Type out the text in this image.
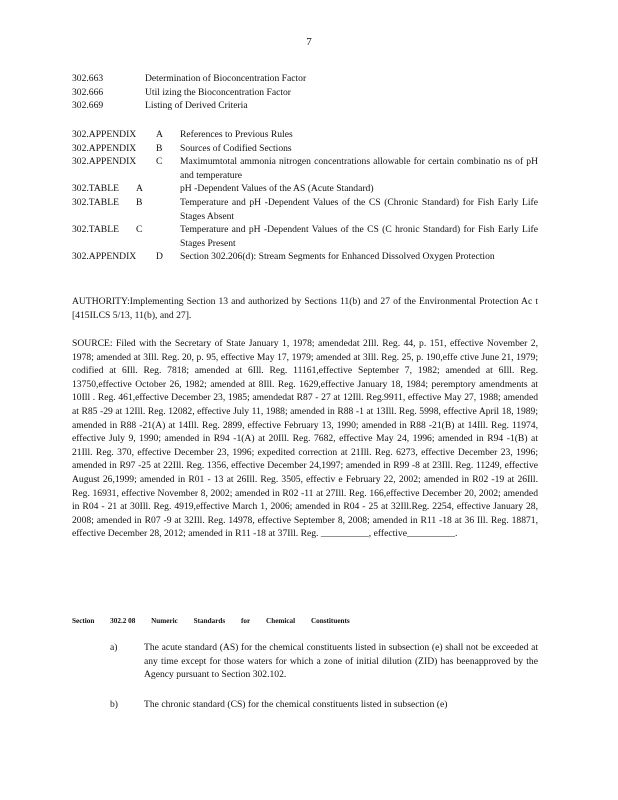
7
302.663	Determination of Bioconcentration Factor
302.666	Util izing the Bioconcentration Factor
302.669	Listing of Derived Criteria
302.APPENDIX A References to Previous Rules
302.APPENDIX B Sources of Codified Sections
302.APPENDIX C Maximumtotal ammonia nitrogen concentrations allowable for certain combinatio ns of pH and temperature
302.TABLE A	pH -Dependent Values of the AS (Acute Standard)
302.TABLE B	Temperature and pH -Dependent Values of the CS (Chronic Standard) for Fish Early Life Stages Absent
302.TABLE C	Temperature and pH -Dependent Values of the CS (C hronic Standard) for Fish Early Life Stages Present
302.APPENDIX D Section 302.206(d): Stream Segments for Enhanced Dissolved Oxygen Protection
AUTHORITY:Implementing Section 13 and authorized by Sections 11(b) and 27 of the Environmental Protection Ac t [415ILCS 5/13, 11(b), and 27].
SOURCE: Filed with the Secretary of State January 1, 1978; amendedat 2Ill. Reg. 44, p. 151, effective November 2, 1978; amended at 3Ill. Reg. 20, p. 95, effective May 17, 1979; amended at 3Ill. Reg. 25, p. 190,effe ctive June 21, 1979; codified at 6Ill. Reg. 7818; amended at 6Ill. Reg. 11161,effective September 7, 1982; amended at 6Ill. Reg. 13750,effective October 26, 1982; amended at 8Ill. Reg. 1629,effective January 18, 1984; peremptory amendments at 10Ill . Reg. 461,effective December 23, 1985; amendedat R87 - 27 at 12Ill. Reg.9911, effective May 27, 1988; amended at R85 -29 at 12Ill. Reg. 12082, effective July 11, 1988; amended in R88 -1 at 13Ill. Reg. 5998, effective April 18, 1989; amended in R88 -21(A) at 14Ill. Reg. 2899, effective February 13, 1990; amended in R88 -21(B) at 14Ill. Reg. 11974, effective July 9, 1990; amended in R94 -1(A) at 20Ill. Reg. 7682, effective May 24, 1996; amended in R94 -1(B) at 21Ill. Reg. 370, effective December 23, 1996; expedited correction at 21Ill. Reg. 6273, effective December 23, 1996; amended in R97 -25 at 22Ill. Reg. 1356, effective December 24,1997; amended in R99 -8 at 23Ill. Reg. 11249, effective August 26,1999; amended in R01 - 13 at 26Ill. Reg. 3505, effectiv e February 22, 2002; amended in R02 -19 at 26Ill. Reg. 16931, effective November 8, 2002; amended in R02 -11 at 27Ill. Reg. 166,effective December 20, 2002; amended in R04 - 21 at 30Ill. Reg. 4919,effective March 1, 2006; amended in R04 - 25 at 32Ill.Reg. 2254, effective January 28, 2008; amended in R07 -9 at 32Ill. Reg. 14978, effective September 8, 2008; amended in R11 -18 at 36 Ill. Reg. 18871, effective December 28, 2012; amended in R11 -18 at 37Ill. Reg. __________, effective__________.
Section 302.2 08 Numeric Standards for Chemical Constituents
a)	The acute standard (AS) for the chemical constituents listed in subsection (e) shall not be exceeded at any time except for those waters for which a zone of initial dilution (ZID) has beenapproved by the Agency pursuant to Section 302.102.
b)	The chronic standard (CS) for the chemical constituents listed in subsection (e)
